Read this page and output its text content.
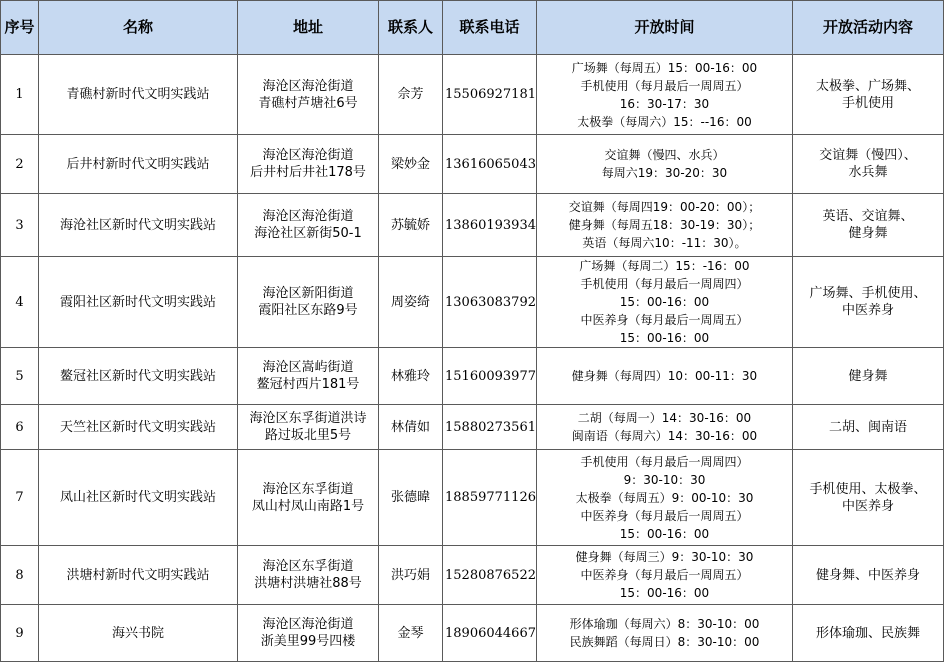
序号	名称	地址	联系人	联系电话	开放时间	开放活动内容
1	青礁村新时代文明实践站	海沧区海沧街道
青礁村芦塘社6号	佘芳	15506927181	广场舞（每周五）15：00-16：00
手机使用（每月最后一周周五）
16：30-17：30
太极拳（每周六）15：--16：00	太极拳、广场舞、
手机使用
2	后井村新时代文明实践站	海沧区海沧街道
后井村后井社178号	梁妙金	13616065043	交谊舞（慢四、水兵）
每周六19：30-20：30	交谊舞（慢四）、
水兵舞
3	海沧社区新时代文明实践站	海沧区海沧街道
海沧社区新街50-1	苏毓娇	13860193934	交谊舞（每周四19：00-20：00）；
健身舞（每周五18：30-19：30）；
英语（每周六10：-11：30）。	英语、交谊舞、
健身舞
4	霞阳社区新时代文明实践站	海沧区新阳街道
霞阳社区东路9号	周姿绮	13063083792	广场舞（每周二）15：-16：00
手机使用（每月最后一周周四）
15：00-16：00
中医养身（每月最后一周周五）
15：00-16：00	广场舞、手机使用、
中医养身
5	鳌冠社区新时代文明实践站	海沧区嵩屿街道
鳌冠村西片181号	林雅玲	15160093977	健身舞（每周四）10：00-11：30	健身舞
6	天竺社区新时代文明实践站	海沧区东孚街道洪诗
路过坂北里5号	林倩如	15880273561	二胡（每周一）14：30-16：00
闽南语（每周六）14：30-16：00	二胡、闽南语
7	凤山社区新时代文明实践站	海沧区东孚街道
凤山村凤山南路1号	张德暐	18859771126	手机使用（每月最后一周周四）
9：30-10：30
太极拳（每周五）9：00-10：30
中医养身（每月最后一周周五）
15：00-16：00	手机使用、太极拳、
中医养身
8	洪塘村新时代文明实践站	海沧区东孚街道
洪塘村洪塘社88号	洪巧娟	15280876522	健身舞（每周三）9：30-10：30
中医养身（每月最后一周周五）
15：00-16：00	健身舞、中医养身
9	海兴书院	海沧区海沧街道
浙美里99号四楼	金琴	18906044667	形体瑜珈（每周六）8：30-10：00
民族舞蹈（每周日）8：30-10：00	形体瑜珈、民族舞
